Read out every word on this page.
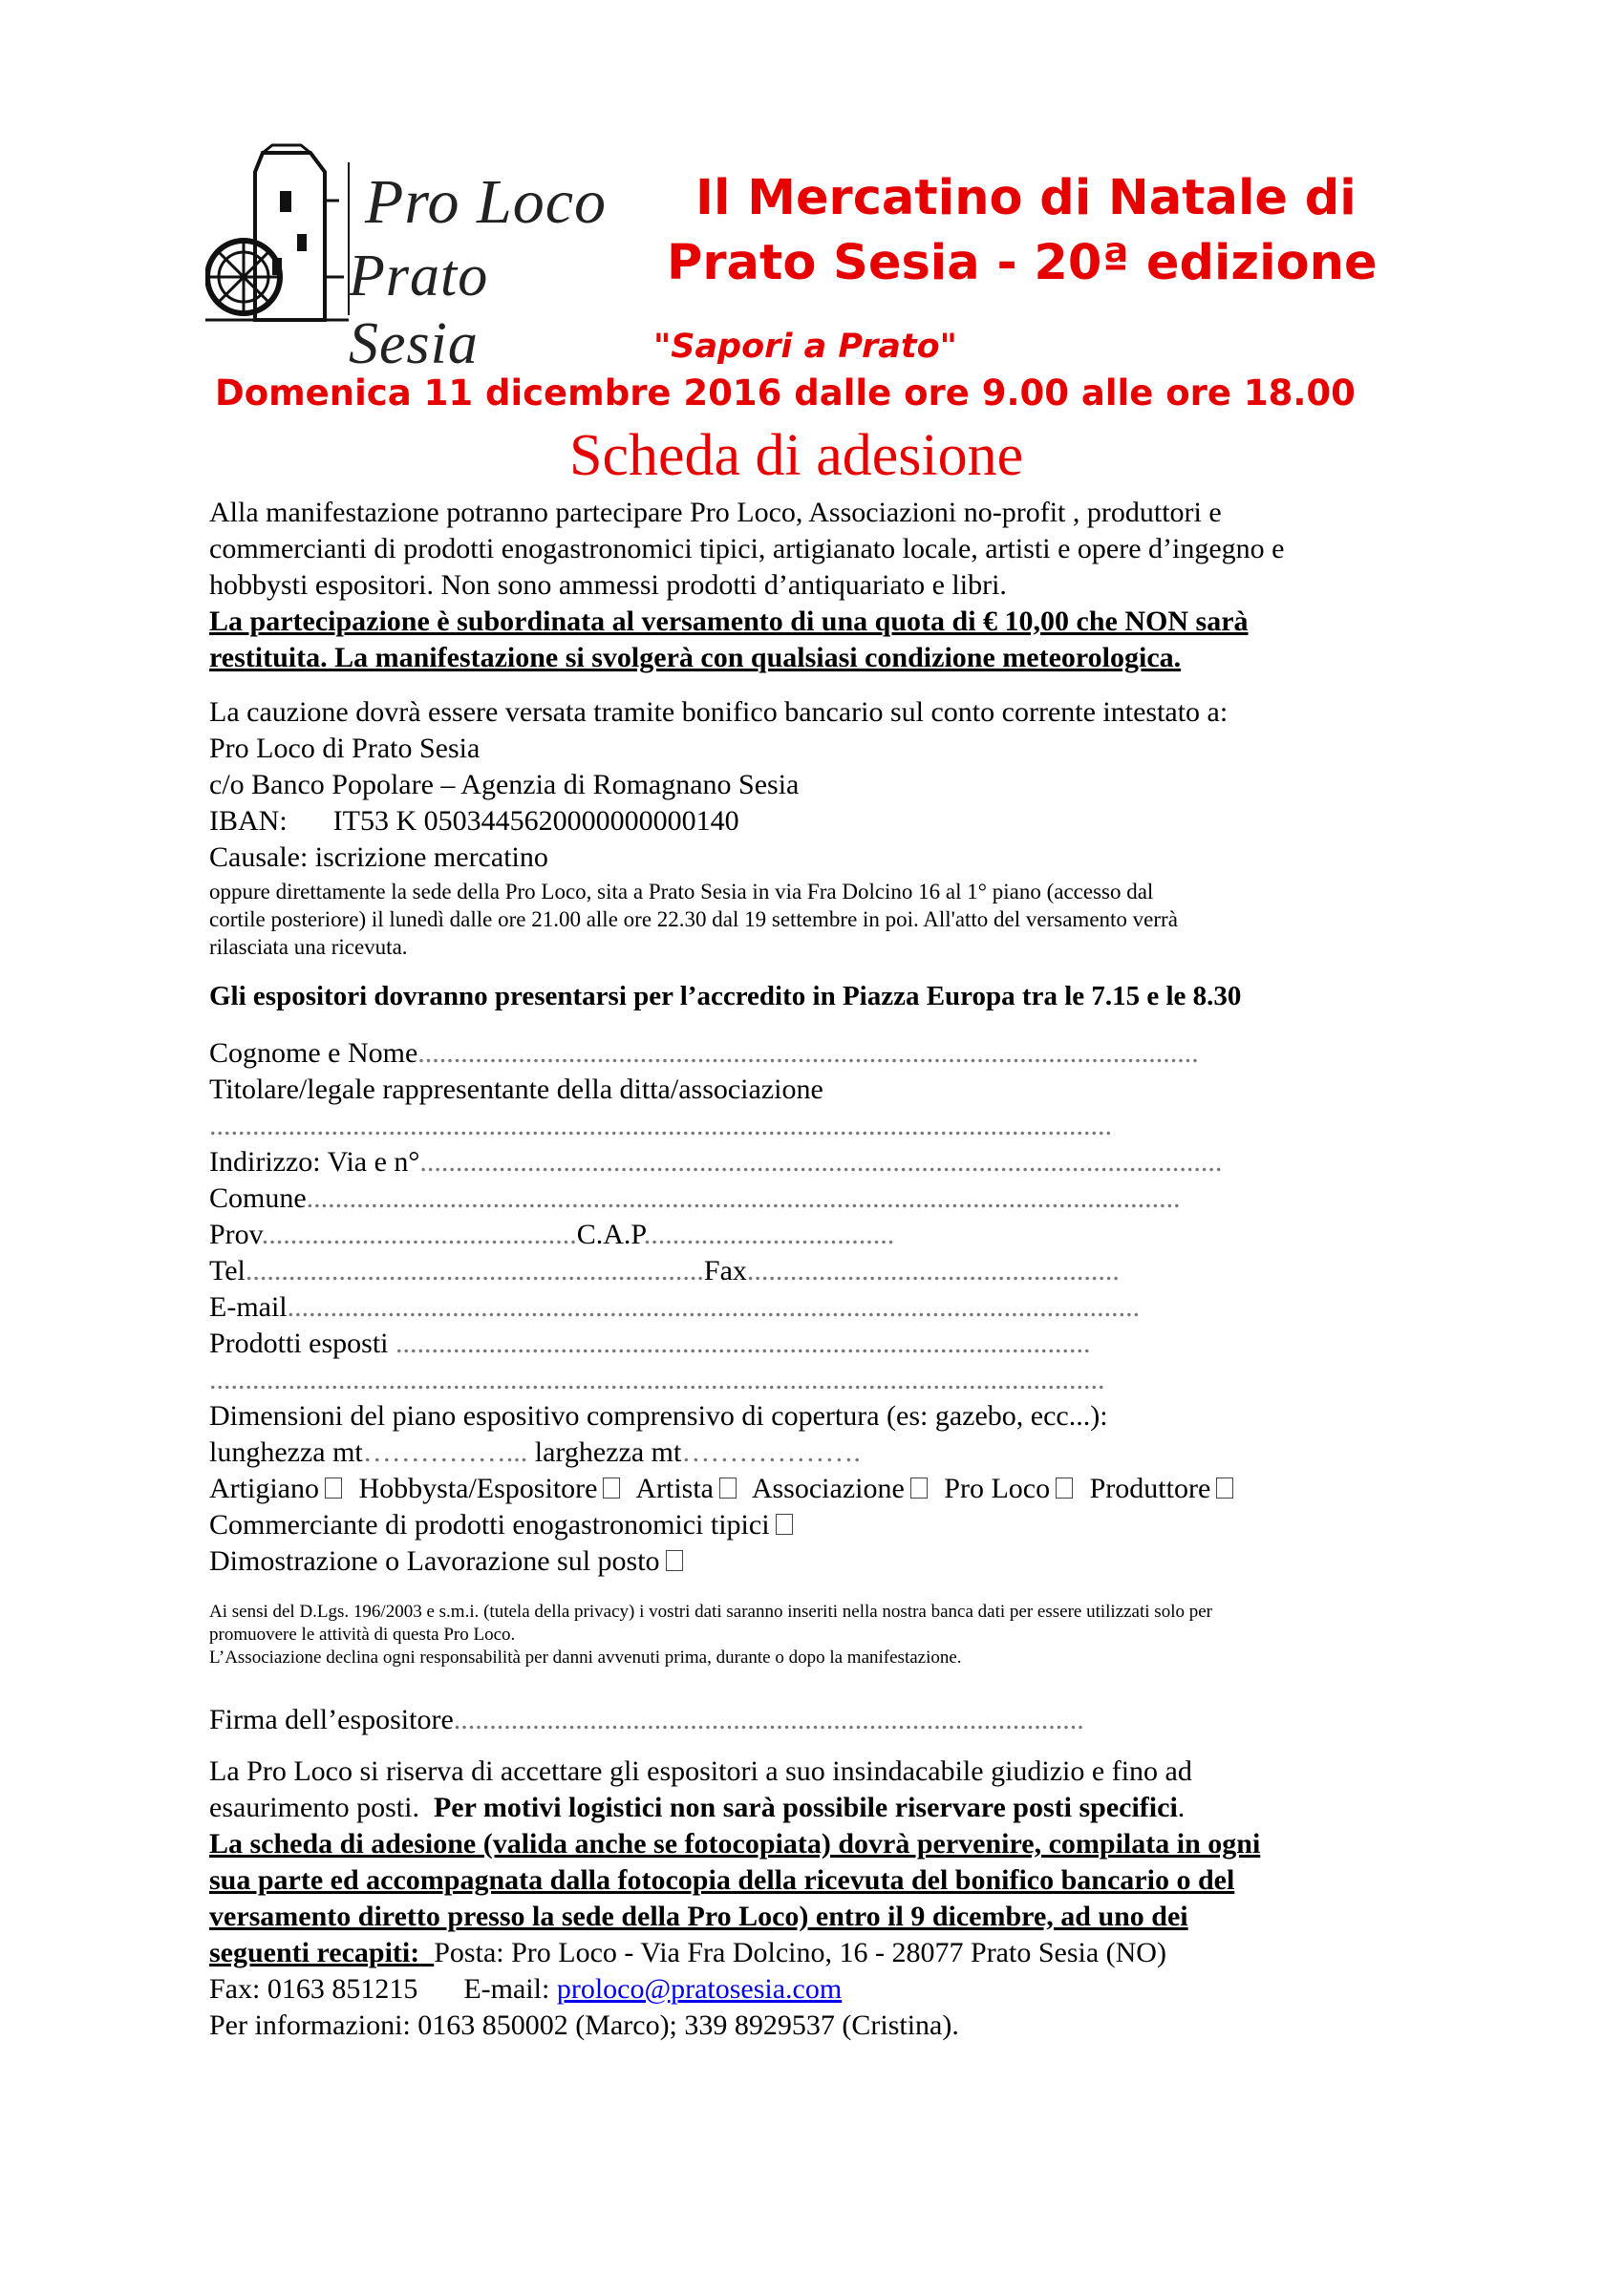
Pro Loco
Prato Sesia
Il Mercatino di Natale di
Prato Sesia - 20ª edizione
"Sapori a Prato"
Domenica 11 dicembre 2016 dalle ore 9.00 alle ore 18.00
Scheda di adesione
Alla manifestazione potranno partecipare Pro Loco, Associazioni no-profit , produttori e
commercianti di prodotti enogastronomici tipici, artigianato locale, artisti e opere d’ingegno e
hobbysti espositori. Non sono ammessi prodotti d’antiquariato e libri.
La partecipazione è subordinata al versamento di una quota di € 10,00 che NON sarà
restituita. La manifestazione si svolgerà con qualsiasi condizione meteorologica.
La cauzione dovrà essere versata tramite bonifico bancario sul conto corrente intestato a:
Pro Loco di Prato Sesia
c/o Banco Popolare – Agenzia di Romagnano Sesia
IBAN: IT53 K 0503445620000000000140
Causale: iscrizione mercatino
oppure direttamente la sede della Pro Loco, sita a Prato Sesia in via Fra Dolcino 16 al 1° piano (accesso dal
cortile posteriore) il lunedì dalle ore 21.00 alle ore 22.30 dal 19 settembre in poi. All'atto del versamento verrà
rilasciata una ricevuta.
Gli espositori dovranno presentarsi per l’accredito in Piazza Europa tra le 7.15 e le 8.30
Cognome e Nome.............................................................................................................
Titolare/legale rappresentante della ditta/associazione
..............................................................................................................................
Indirizzo: Via e n°................................................................................................................
Comune..........................................................................................................................
Prov............................................C.A.P...................................
Tel................................................................Fax....................................................
E-mail.......................................................................................................................
Prodotti esposti .................................................................................................
.............................................................................................................................
Dimensioni del piano espositivo comprensivo di copertura (es: gazebo, ecc...):
lunghezza mt……………... larghezza mt……………….
Artigiano Hobbysta/Espositore Artista Associazione Pro Loco Produttore
Commerciante di prodotti enogastronomici tipici
Dimostrazione o Lavorazione sul posto
Ai sensi del D.Lgs. 196/2003 e s.m.i. (tutela della privacy) i vostri dati saranno inseriti nella nostra banca dati per essere utilizzati solo per
promuovere le attività di questa Pro Loco.
L’Associazione declina ogni responsabilità per danni avvenuti prima, durante o dopo la manifestazione.
Firma dell’espositore........................................................................................
La Pro Loco si riserva di accettare gli espositori a suo insindacabile giudizio e fino ad
esaurimento posti. Per motivi logistici non sarà possibile riservare posti specifici.
La scheda di adesione (valida anche se fotocopiata) dovrà pervenire, compilata in ogni
sua parte ed accompagnata dalla fotocopia della ricevuta del bonifico bancario o del
versamento diretto presso la sede della Pro Loco) entro il 9 dicembre, ad uno dei
seguenti recapiti: Posta: Pro Loco - Via Fra Dolcino, 16 - 28077 Prato Sesia (NO)
Fax: 0163 851215 E-mail: proloco@pratosesia.com
Per informazioni: 0163 850002 (Marco); 339 8929537 (Cristina).
